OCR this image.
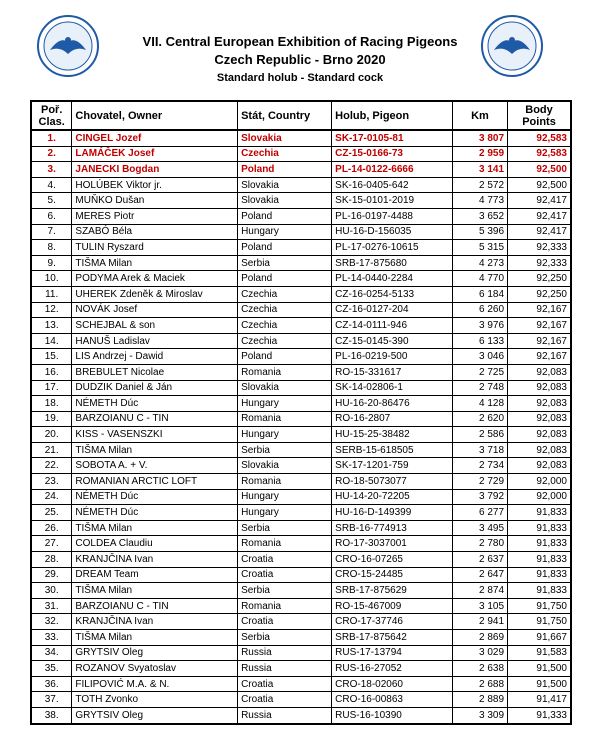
VII. Central European Exhibition of Racing Pigeons
Czech Republic - Brno 2020
Standard holub - Standard cock
Poř.
Clas.	Chovatel, Owner	Stát, Country	Holub, Pigeon	Km	Body
Points
1.	CINGEL Jozef	Slovakia	SK-17-0105-81	3 807	92,583
2.	LAMÁČEK Josef	Czechia	CZ-15-0166-73	2 959	92,583
3.	JANECKI Bogdan	Poland	PL-14-0122-6666	3 141	92,500
4.	HOLÚBEK Viktor jr.	Slovakia	SK-16-0405-642	2 572	92,500
5.	MUŇKO Dušan	Slovakia	SK-15-0101-2019	4 773	92,417
6.	MERES Piotr	Poland	PL-16-0197-4488	3 652	92,417
7.	SZABÓ Béla	Hungary	HU-16-D-156035	5 396	92,417
8.	TULIN Ryszard	Poland	PL-17-0276-10615	5 315	92,333
9.	TIŠMA Milan	Serbia	SRB-17-875680	4 273	92,333
10.	PODYMA Arek & Maciek	Poland	PL-14-0440-2284	4 770	92,250
11.	UHEREK Zdeněk & Miroslav	Czechia	CZ-16-0254-5133	6 184	92,250
12.	NOVÁK Josef	Czechia	CZ-16-0127-204	6 260	92,167
13.	SCHEJBAL & son	Czechia	CZ-14-0111-946	3 976	92,167
14.	HANUŠ Ladislav	Czechia	CZ-15-0145-390	6 133	92,167
15.	LIS Andrzej - Dawid	Poland	PL-16-0219-500	3 046	92,167
16.	BREBULET Nicolae	Romania	RO-15-331617	2 725	92,083
17.	DUDZIK Daniel & Ján	Slovakia	SK-14-02806-1	2 748	92,083
18.	NÉMETH Dúc	Hungary	HU-16-20-86476	4 128	92,083
19.	BARZOIANU C - TIN	Romania	RO-16-2807	2 620	92,083
20.	KISS - VASENSZKI	Hungary	HU-15-25-38482	2 586	92,083
21.	TIŠMA Milan	Serbia	SERB-15-618505	3 718	92,083
22.	SOBOTA A. + V.	Slovakia	SK-17-1201-759	2 734	92,083
23.	ROMANIAN ARCTIC LOFT	Romania	RO-18-5073077	2 729	92,000
24.	NÉMETH Dúc	Hungary	HU-14-20-72205	3 792	92,000
25.	NÉMETH Dúc	Hungary	HU-16-D-149399	6 277	91,833
26.	TIŠMA Milan	Serbia	SRB-16-774913	3 495	91,833
27.	COLDEA Claudiu	Romania	RO-17-3037001	2 780	91,833
28.	KRANJČINA Ivan	Croatia	CRO-16-07265	2 637	91,833
29.	DREAM Team	Croatia	CRO-15-24485	2 647	91,833
30.	TIŠMA Milan	Serbia	SRB-17-875629	2 874	91,833
31.	BARZOIANU C - TIN	Romania	RO-15-467009	3 105	91,750
32.	KRANJČINA Ivan	Croatia	CRO-17-37746	2 941	91,750
33.	TIŠMA Milan	Serbia	SRB-17-875642	2 869	91,667
34.	GRYTSIV Oleg	Russia	RUS-17-13794	3 029	91,583
35.	ROZANOV Svyatoslav	Russia	RUS-16-27052	2 638	91,500
36.	FILIPOVIĆ M.A. & N.	Croatia	CRO-18-02060	2 688	91,500
37.	TOTH Zvonko	Croatia	CRO-16-00863	2 889	91,417
38.	GRYTSIV Oleg	Russia	RUS-16-10390	3 309	91,333
